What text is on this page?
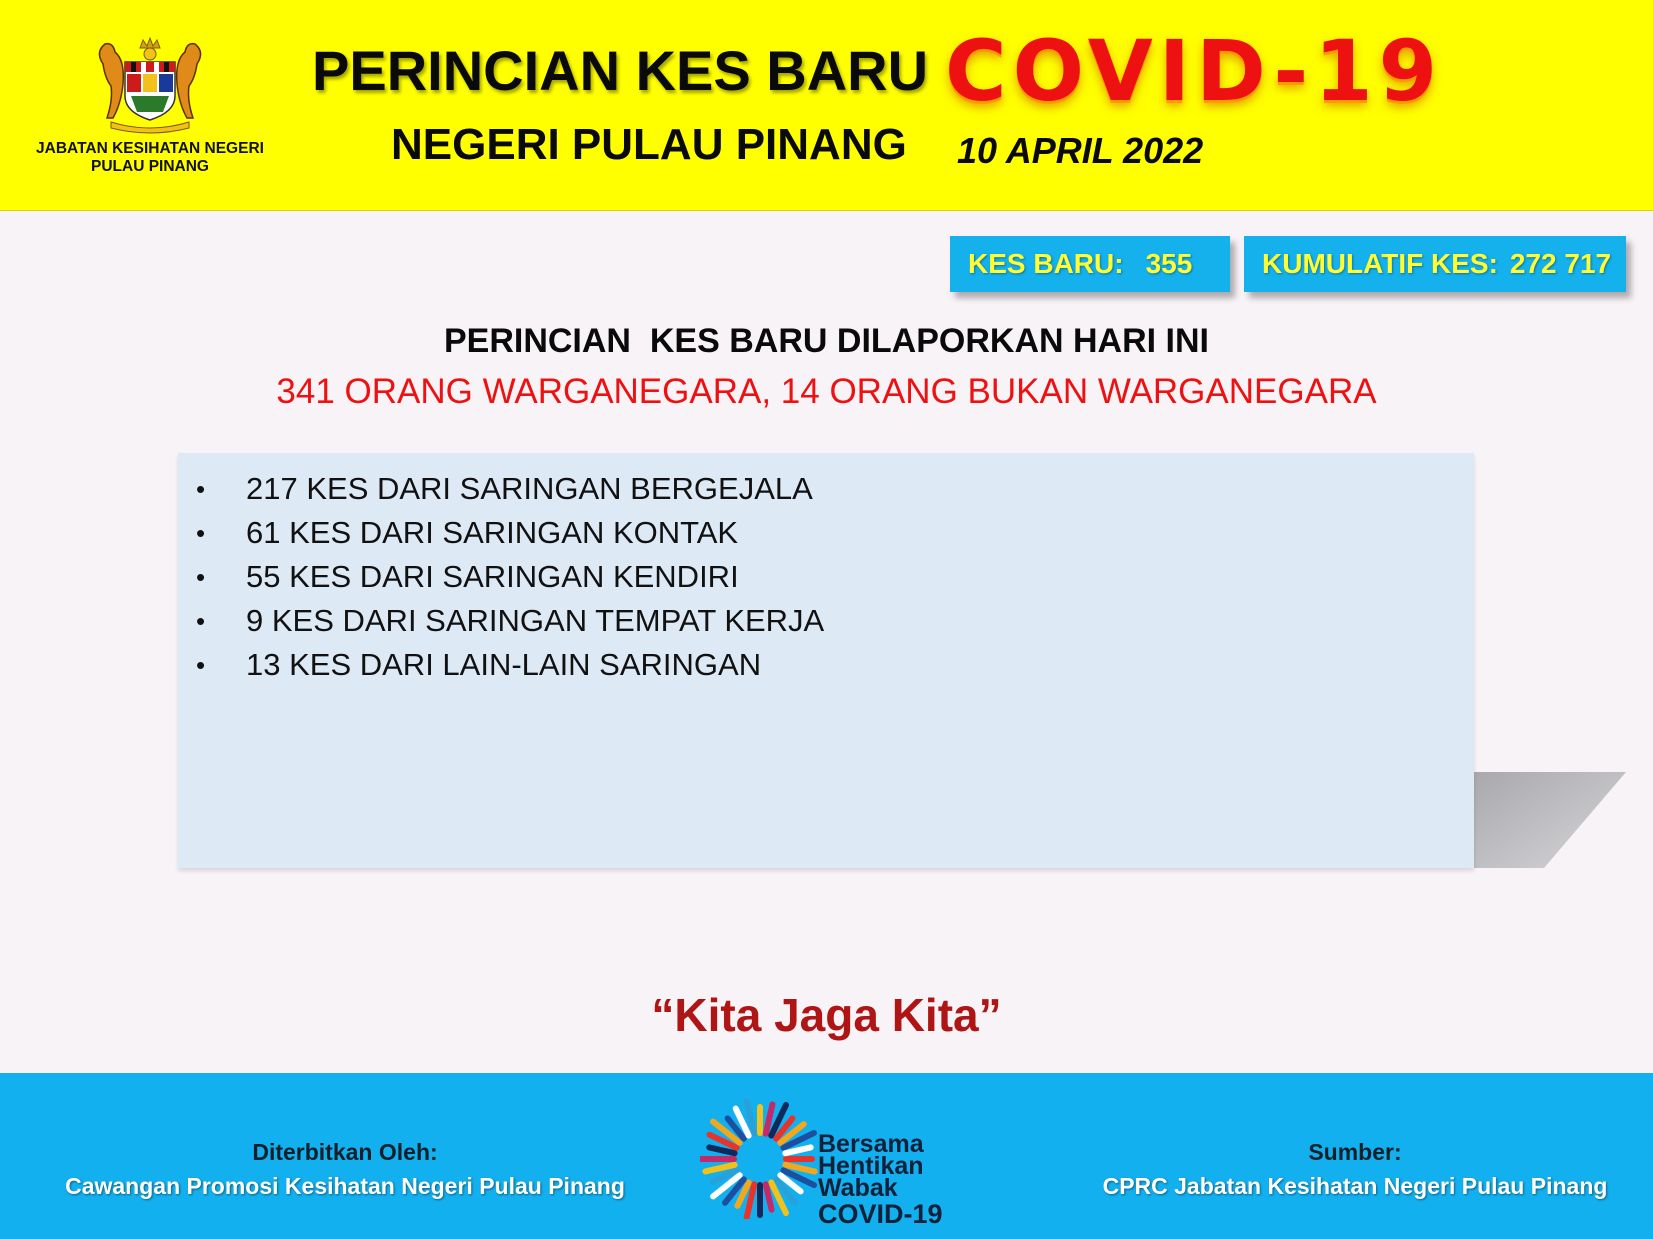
JABATAN KESIHATAN NEGERI
PULAU PINANG
PERINCIAN KES BARU COVID-19
NEGERI PULAU PINANG 10 APRIL 2022
KES BARU: 355 KUMULATIF KES: 272 717
PERINCIAN  KES BARU DILAPORKAN HARI INI
341 ORANG WARGANEGARA, 14 ORANG BUKAN WARGANEGARA
• 217 KES DARI SARINGAN BERGEJALA
• 61 KES DARI SARINGAN KONTAK
• 55 KES DARI SARINGAN KENDIRI
• 9 KES DARI SARINGAN TEMPAT KERJA
• 13 KES DARI LAIN-LAIN SARINGAN
“Kita Jaga Kita”
Diterbitkan Oleh:
Cawangan Promosi Kesihatan Negeri Pulau Pinang
Bersama
Hentikan
Wabak
COVID-19
Sumber:
CPRC Jabatan Kesihatan Negeri Pulau Pinang
